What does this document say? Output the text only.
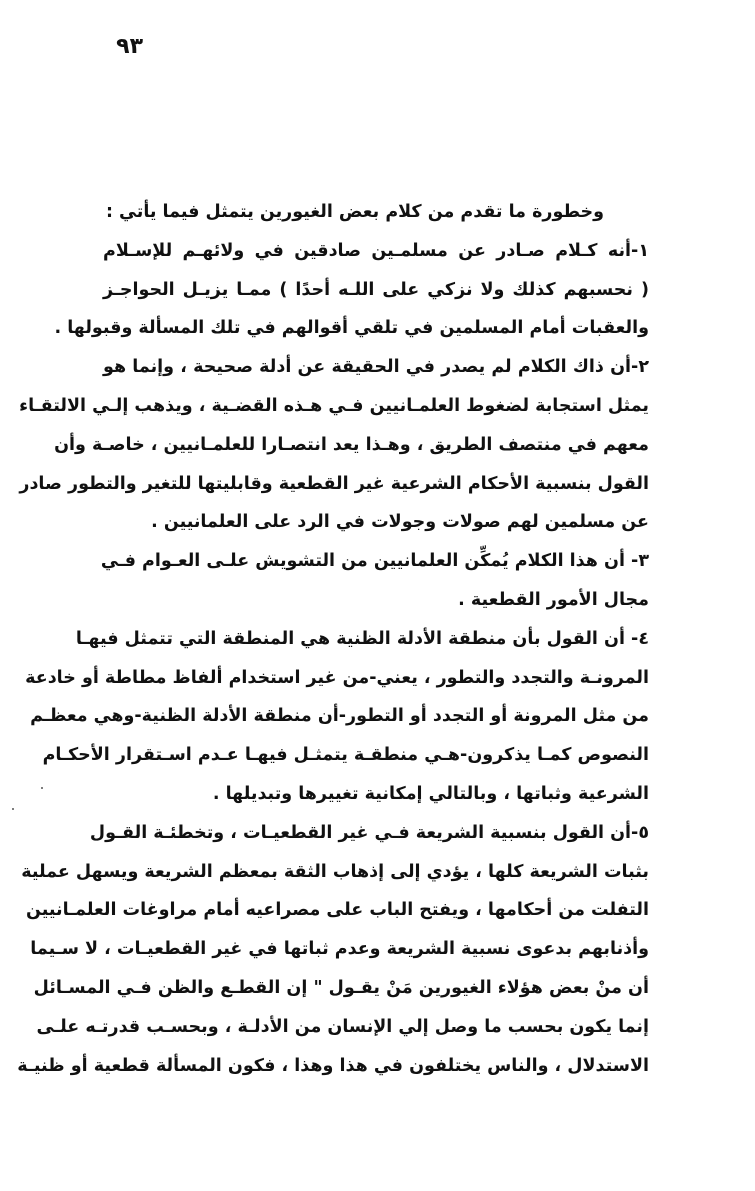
٩٣
وخطورة ما تقدم من كلام بعض الغيورين يتمثل فيما يأتي :
١-أنه كـلام صـادر عن مسلمـين صادقين في ولائهـم للإسـلام
( نحسبهم كذلك ولا نزكي على اللـه أحدًا ) ممـا يزيـل الحواجـز
والعقبات أمام المسلمين في تلقي أقوالهم في تلك المسألة وقبولها .
٢-أن ذاك الكلام لم يصدر في الحقيقة عن أدلة صحيحة ، وإنما هو
يمثل استجابة لضغوط العلمـانيين فـي هـذه القضـية ، ويذهب إلـي الالتقـاء
معهم في منتصف الطريق ، وهـذا يعد انتصـارا للعلمـانيين ، خاصـة وأن
القول بنسبية الأحكام الشرعية غير القطعية وقابليتها للتغير والتطور صادر
عن مسلمين لهم صولات وجولات في الرد على العلمانيين .
٣- أن هذا الكلام يُمكِّن العلمانيين من التشويش علـى العـوام فـي
مجال الأمور القطعية .
٤- أن القول بأن منطقة الأدلة الظنية هي المنطقة التي تتمثل فيهـا
المرونـة والتجدد والتطور ، يعني-من غير استخدام ألفاظ مطاطة أو خادعة
من مثل المرونة أو التجدد أو التطور-أن منطقة الأدلة الظنية-وهي معظـم
النصوص كمـا يذكرون-هـي منطقـة يتمثـل فيهـا عـدم اسـتقرار الأحكـام
الشرعية وثباتها ، وبالتالي إمكانية تغييرها وتبديلها .
٥-أن القول بنسبية الشريعة فـي غير القطعيـات ، وتخطئـة القـول
بثبات الشريعة كلها ، يؤدي إلى إذهاب الثقة بمعظم الشريعة ويسهل عملية
التفلت من أحكامها ، ويفتح الباب على مصراعيه أمام مراوغات العلمـانيين
وأذنابهم بدعوى نسبية الشريعة وعدم ثباتها في غير القطعيـات ، لا سـيما
أن منْ بعض هؤلاء الغيورين مَنْ يقـول " إن القطـع والظن فـي المسـائل
إنما يكون بحسب ما وصل إلي الإنسان من الأدلـة ، وبحسـب قدرتـه علـى
الاستدلال ، والناس يختلفون في هذا وهذا ، فكون المسألة قطعية أو ظنيـة
